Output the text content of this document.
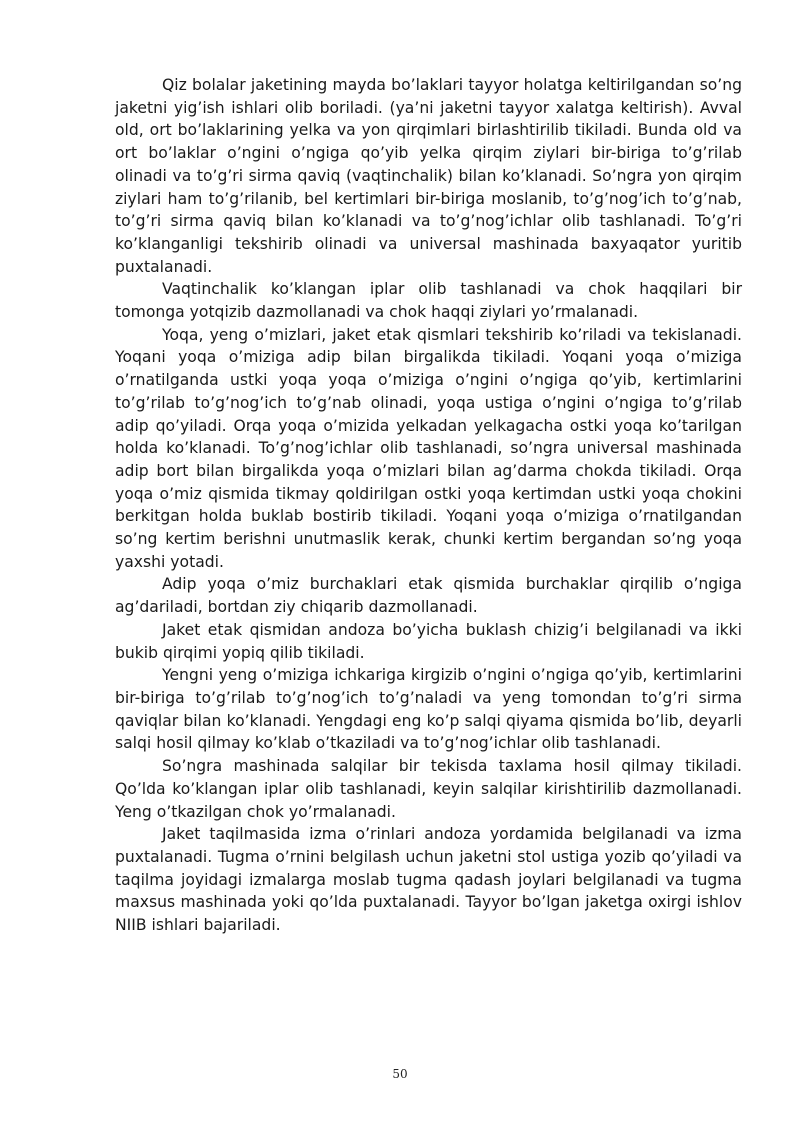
Qiz bolalar jaketining mayda bo’laklari tayyor holatga keltirilgandan so’ng jaketni yig’ish ishlari olib boriladi. (ya’ni jaketni tayyor xalatga keltirish). Avval old, ort bo’laklarining yelka va yon qirqimlari birlashtirilib tikiladi. Bunda old va ort bo’laklar o’ngini o’ngiga qo’yib yelka qirqim ziylari bir-biriga to’g’rilab olinadi va to’g’ri sirma qaviq (vaqtinchalik) bilan ko’klanadi. So’ngra yon qirqim ziylari ham to’g’rilanib, bel kertimlari bir-biriga moslanib, to’g’nog’ich to’g’nab, to’g’ri sirma qaviq bilan ko’klanadi va to’g’nog’ichlar olib tashlanadi. To’g’ri ko’klanganligi tekshirib olinadi va universal mashinada baxyaqator yuritib puxtalanadi.

Vaqtinchalik ko’klangan iplar olib tashlanadi va chok haqqilari bir tomonga yotqizib dazmollanadi va chok haqqi ziylari yo’rmalanadi.

Yoqa, yeng o’mizlari, jaket etak qismlari tekshirib ko’riladi va tekislanadi. Yoqani yoqa o’miziga adip bilan birgalikda tikiladi. Yoqani yoqa o’miziga o’rnatilganda ustki yoqa yoqa o’miziga o’ngini o’ngiga qo’yib, kertimlarini to’g’rilab to’g’nog’ich to’g’nab olinadi, yoqa ustiga o’ngini o’ngiga to’g’rilab adip qo’yiladi. Orqa yoqa o’mizida yelkadan yelkagacha ostki yoqa ko’tarilgan holda ko’klanadi. To’g’nog’ichlar olib tashlanadi, so’ngra universal mashinada adip bort bilan birgalikda yoqa o’mizlari bilan ag’darma chokda tikiladi. Orqa yoqa o’miz qismida tikmay qoldirilgan ostki yoqa kertimdan ustki yoqa chokini berkitgan holda buklab bostirib tikiladi. Yoqani yoqa o’miziga o’rnatilgandan so’ng kertim berishni unutmaslik kerak, chunki kertim bergandan so’ng yoqa yaxshi yotadi.

Adip yoqa o’miz burchaklari etak qismida burchaklar qirqilib o’ngiga ag’dariladi, bortdan ziy chiqarib dazmollanadi.

Jaket etak qismidan andoza bo’yicha buklash chizig’i belgilanadi va ikki bukib qirqimi yopiq qilib tikiladi.

Yengni yeng o’miziga ichkariga kirgizib o’ngini o’ngiga qo’yib, kertimlarini bir-biriga to’g’rilab to’g’nog’ich to’g’naladi va yeng tomondan to’g’ri sirma qaviqlar bilan ko’klanadi. Yengdagi eng ko’p salqi qiyama qismida bo’lib, deyarli salqi hosil qilmay ko’klab o’tkaziladi va to’g’nog’ichlar olib tashlanadi.

So’ngra mashinada salqilar bir tekisda taxlama hosil qilmay tikiladi. Qo’lda ko’klangan iplar olib tashlanadi, keyin salqilar kirishtirilib dazmollanadi. Yeng o’tkazilgan chok yo’rmalanadi.

Jaket taqilmasida izma o’rinlari andoza yordamida belgilanadi va izma puxtalanadi. Tugma o’rnini belgilash uchun jaketni stol ustiga yozib qo’yiladi va taqilma joyidagi izmalarga moslab tugma qadash joylari belgilanadi va tugma maxsus mashinada yoki qo’lda puxtalanadi. Tayyor bo’lgan jaketga oxirgi ishlov NIIB ishlari bajariladi.

50
